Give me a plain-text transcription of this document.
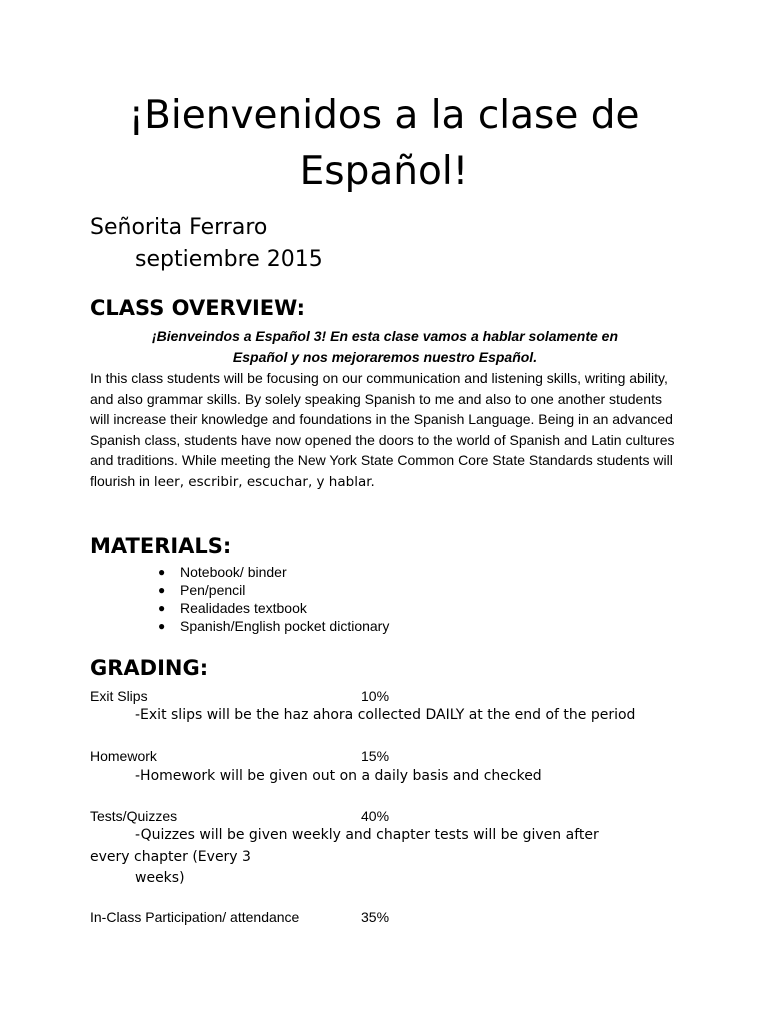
¡Bienvenidos a la clase de
Español!
Señorita Ferraro
septiembre 2015
CLASS OVERVIEW:
¡Bienveindos a Español 3! En esta clase vamos a hablar solamente en
Español y nos mejoraremos nuestro Español.
In this class students will be focusing on our communication and listening skills, writing ability, and also grammar skills. By solely speaking Spanish to me and also to one another students will increase their knowledge and foundations in the Spanish Language. Being in an advanced Spanish class, students have now opened the doors to the world of Spanish and Latin cultures and traditions. While meeting the New York State Common Core State Standards students will flourish in leer, escribir, escuchar, y hablar.
MATERIALS:
● Notebook/ binder
● Pen/pencil
● Realidades textbook
● Spanish/English pocket dictionary
GRADING:
Exit Slips	10%
-Exit slips will be the haz ahora collected DAILY at the end of the period
Homework	15%
-Homework will be given out on a daily basis and checked
Tests/Quizzes	40%
-Quizzes will be given weekly and chapter tests will be given after
every chapter (Every 3
weeks)
In-Class Participation/ attendance	35%
